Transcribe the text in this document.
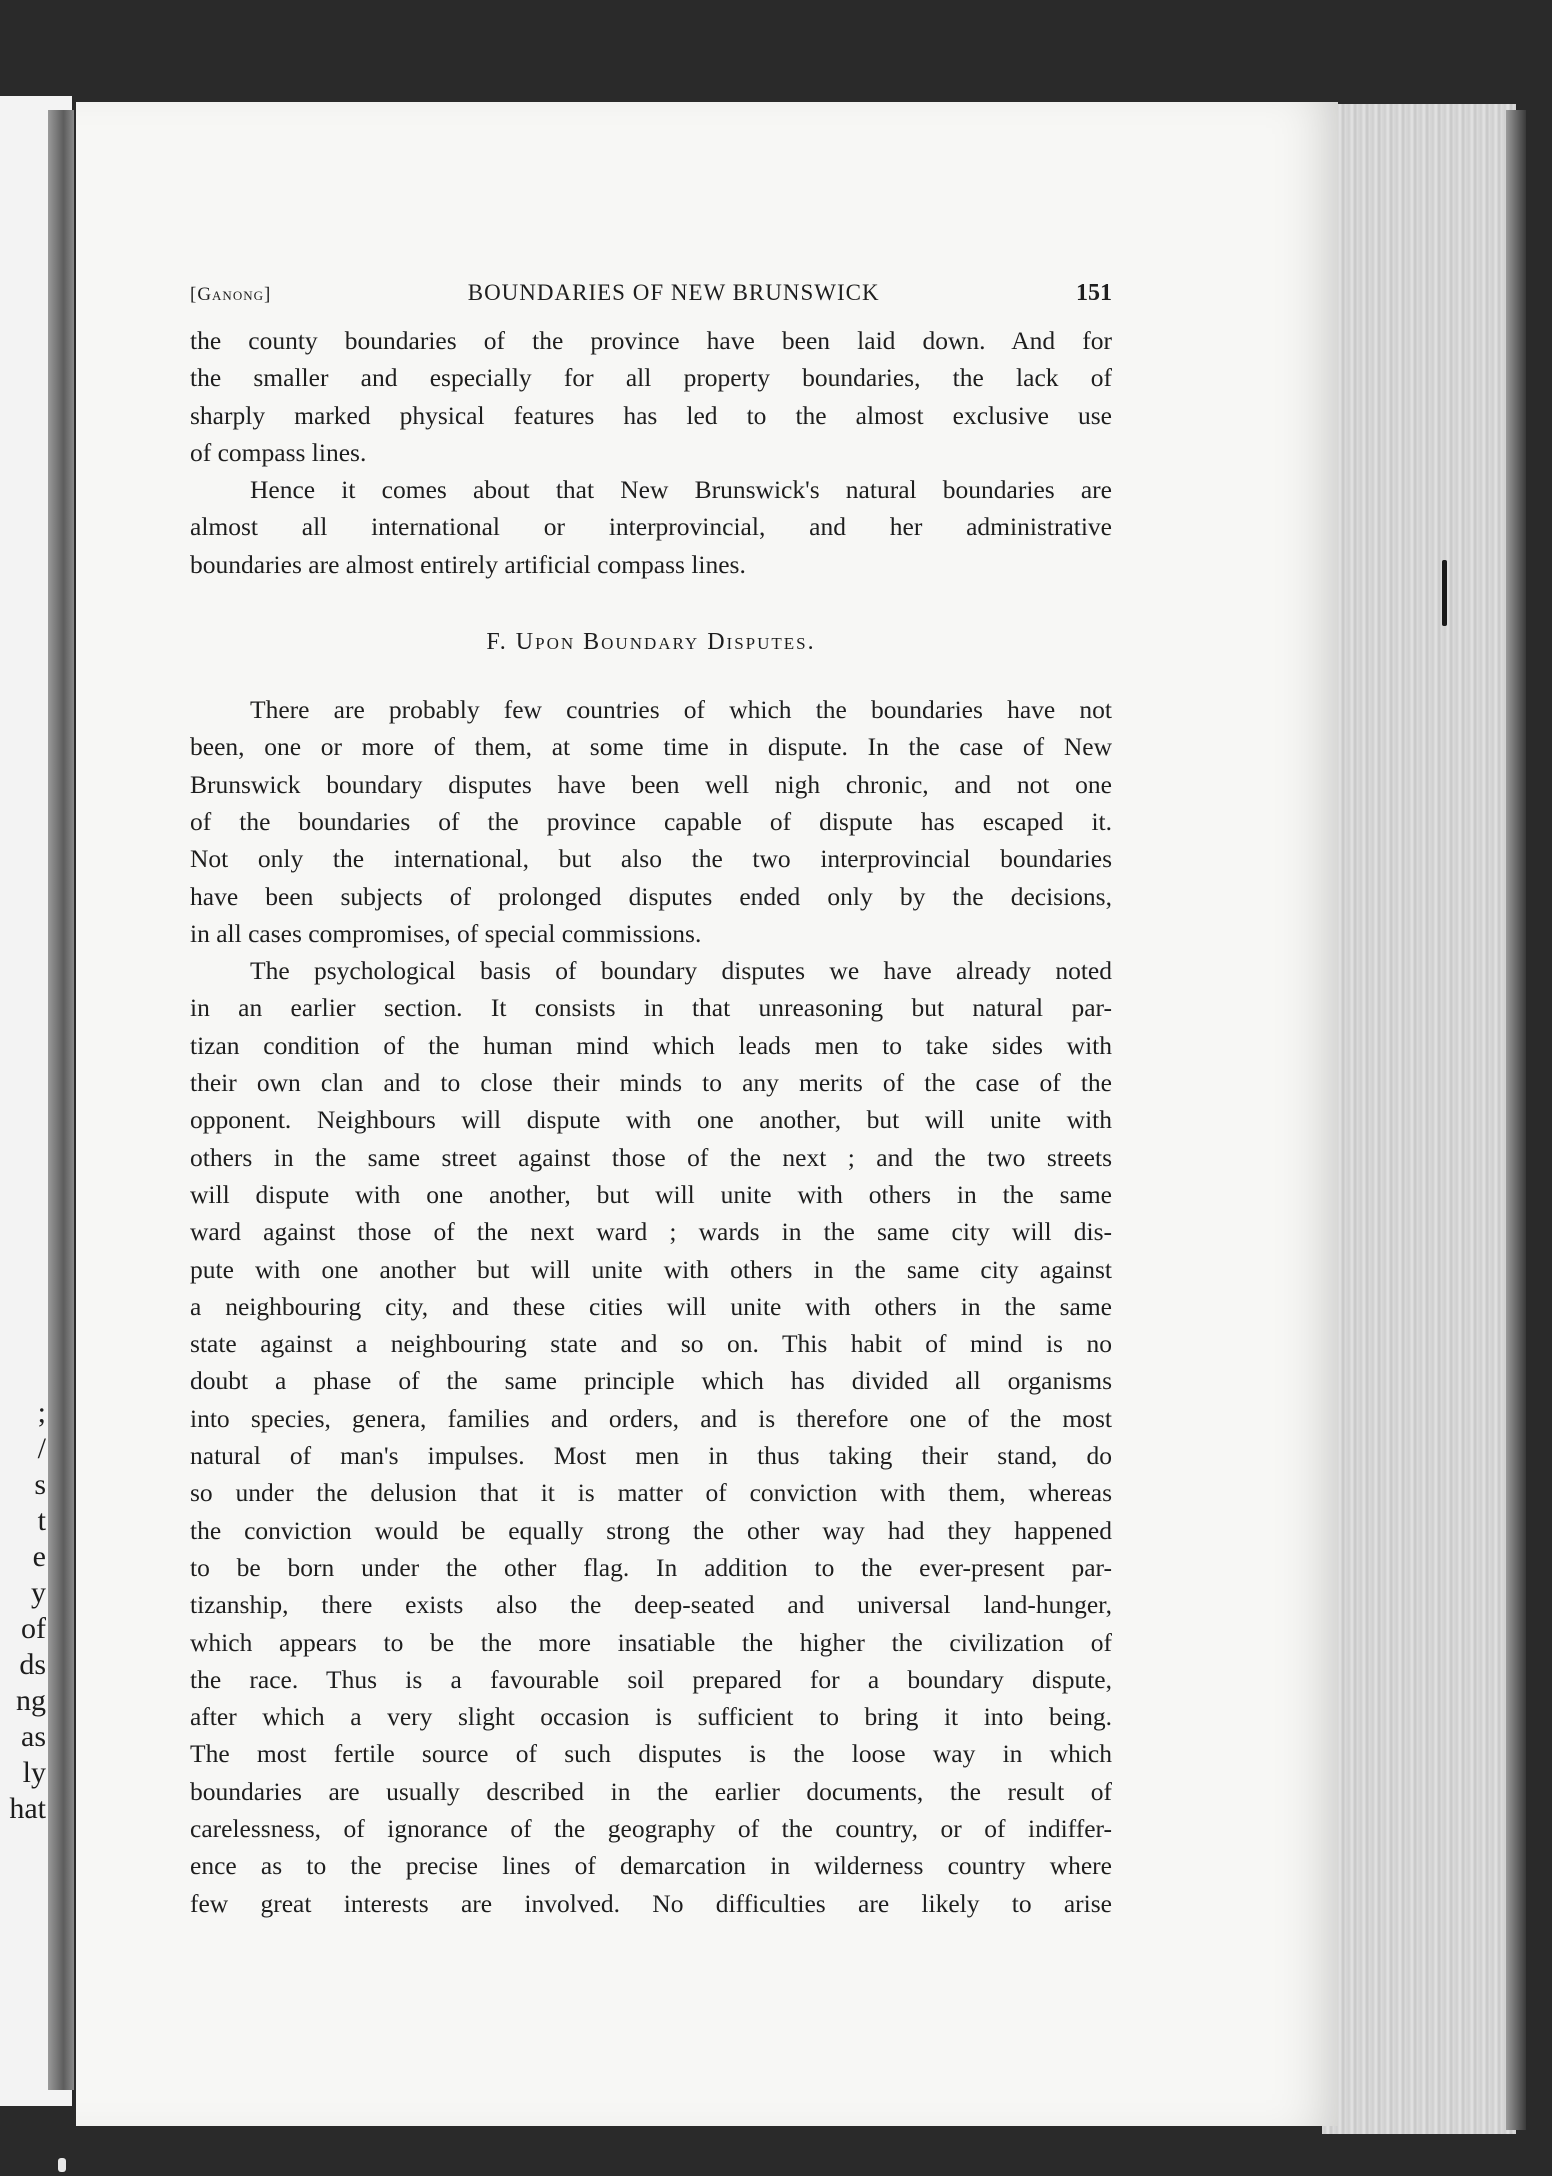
;
/
s
t
e
y
of
ds
ng
as
ly
hat
[Ganong]	BOUNDARIES OF NEW BRUNSWICK	151
the county boundaries of the province have been laid down. And for
the smaller and especially for all property boundaries, the lack of
sharply marked physical features has led to the almost exclusive use
of compass lines.
Hence it comes about that New Brunswick's natural boundaries are
almost all international or interprovincial, and her administrative
boundaries are almost entirely artificial compass lines.
F. Upon Boundary Disputes.
There are probably few countries of which the boundaries have not
been, one or more of them, at some time in dispute. In the case of New
Brunswick boundary disputes have been well nigh chronic, and not one
of the boundaries of the province capable of dispute has escaped it.
Not only the international, but also the two interprovincial boundaries
have been subjects of prolonged disputes ended only by the decisions,
in all cases compromises, of special commissions.
The psychological basis of boundary disputes we have already noted
in an earlier section. It consists in that unreasoning but natural par-
tizan condition of the human mind which leads men to take sides with
their own clan and to close their minds to any merits of the case of the
opponent. Neighbours will dispute with one another, but will unite with
others in the same street against those of the next ; and the two streets
will dispute with one another, but will unite with others in the same
ward against those of the next ward ; wards in the same city will dis-
pute with one another but will unite with others in the same city against
a neighbouring city, and these cities will unite with others in the same
state against a neighbouring state and so on. This habit of mind is no
doubt a phase of the same principle which has divided all organisms
into species, genera, families and orders, and is therefore one of the most
natural of man's impulses. Most men in thus taking their stand, do
so under the delusion that it is matter of conviction with them, whereas
the conviction would be equally strong the other way had they happened
to be born under the other flag. In addition to the ever-present par-
tizanship, there exists also the deep-seated and universal land-hunger,
which appears to be the more insatiable the higher the civilization of
the race. Thus is a favourable soil prepared for a boundary dispute,
after which a very slight occasion is sufficient to bring it into being.
The most fertile source of such disputes is the loose way in which
boundaries are usually described in the earlier documents, the result of
carelessness, of ignorance of the geography of the country, or of indiffer-
ence as to the precise lines of demarcation in wilderness country where
few great interests are involved. No difficulties are likely to arise
